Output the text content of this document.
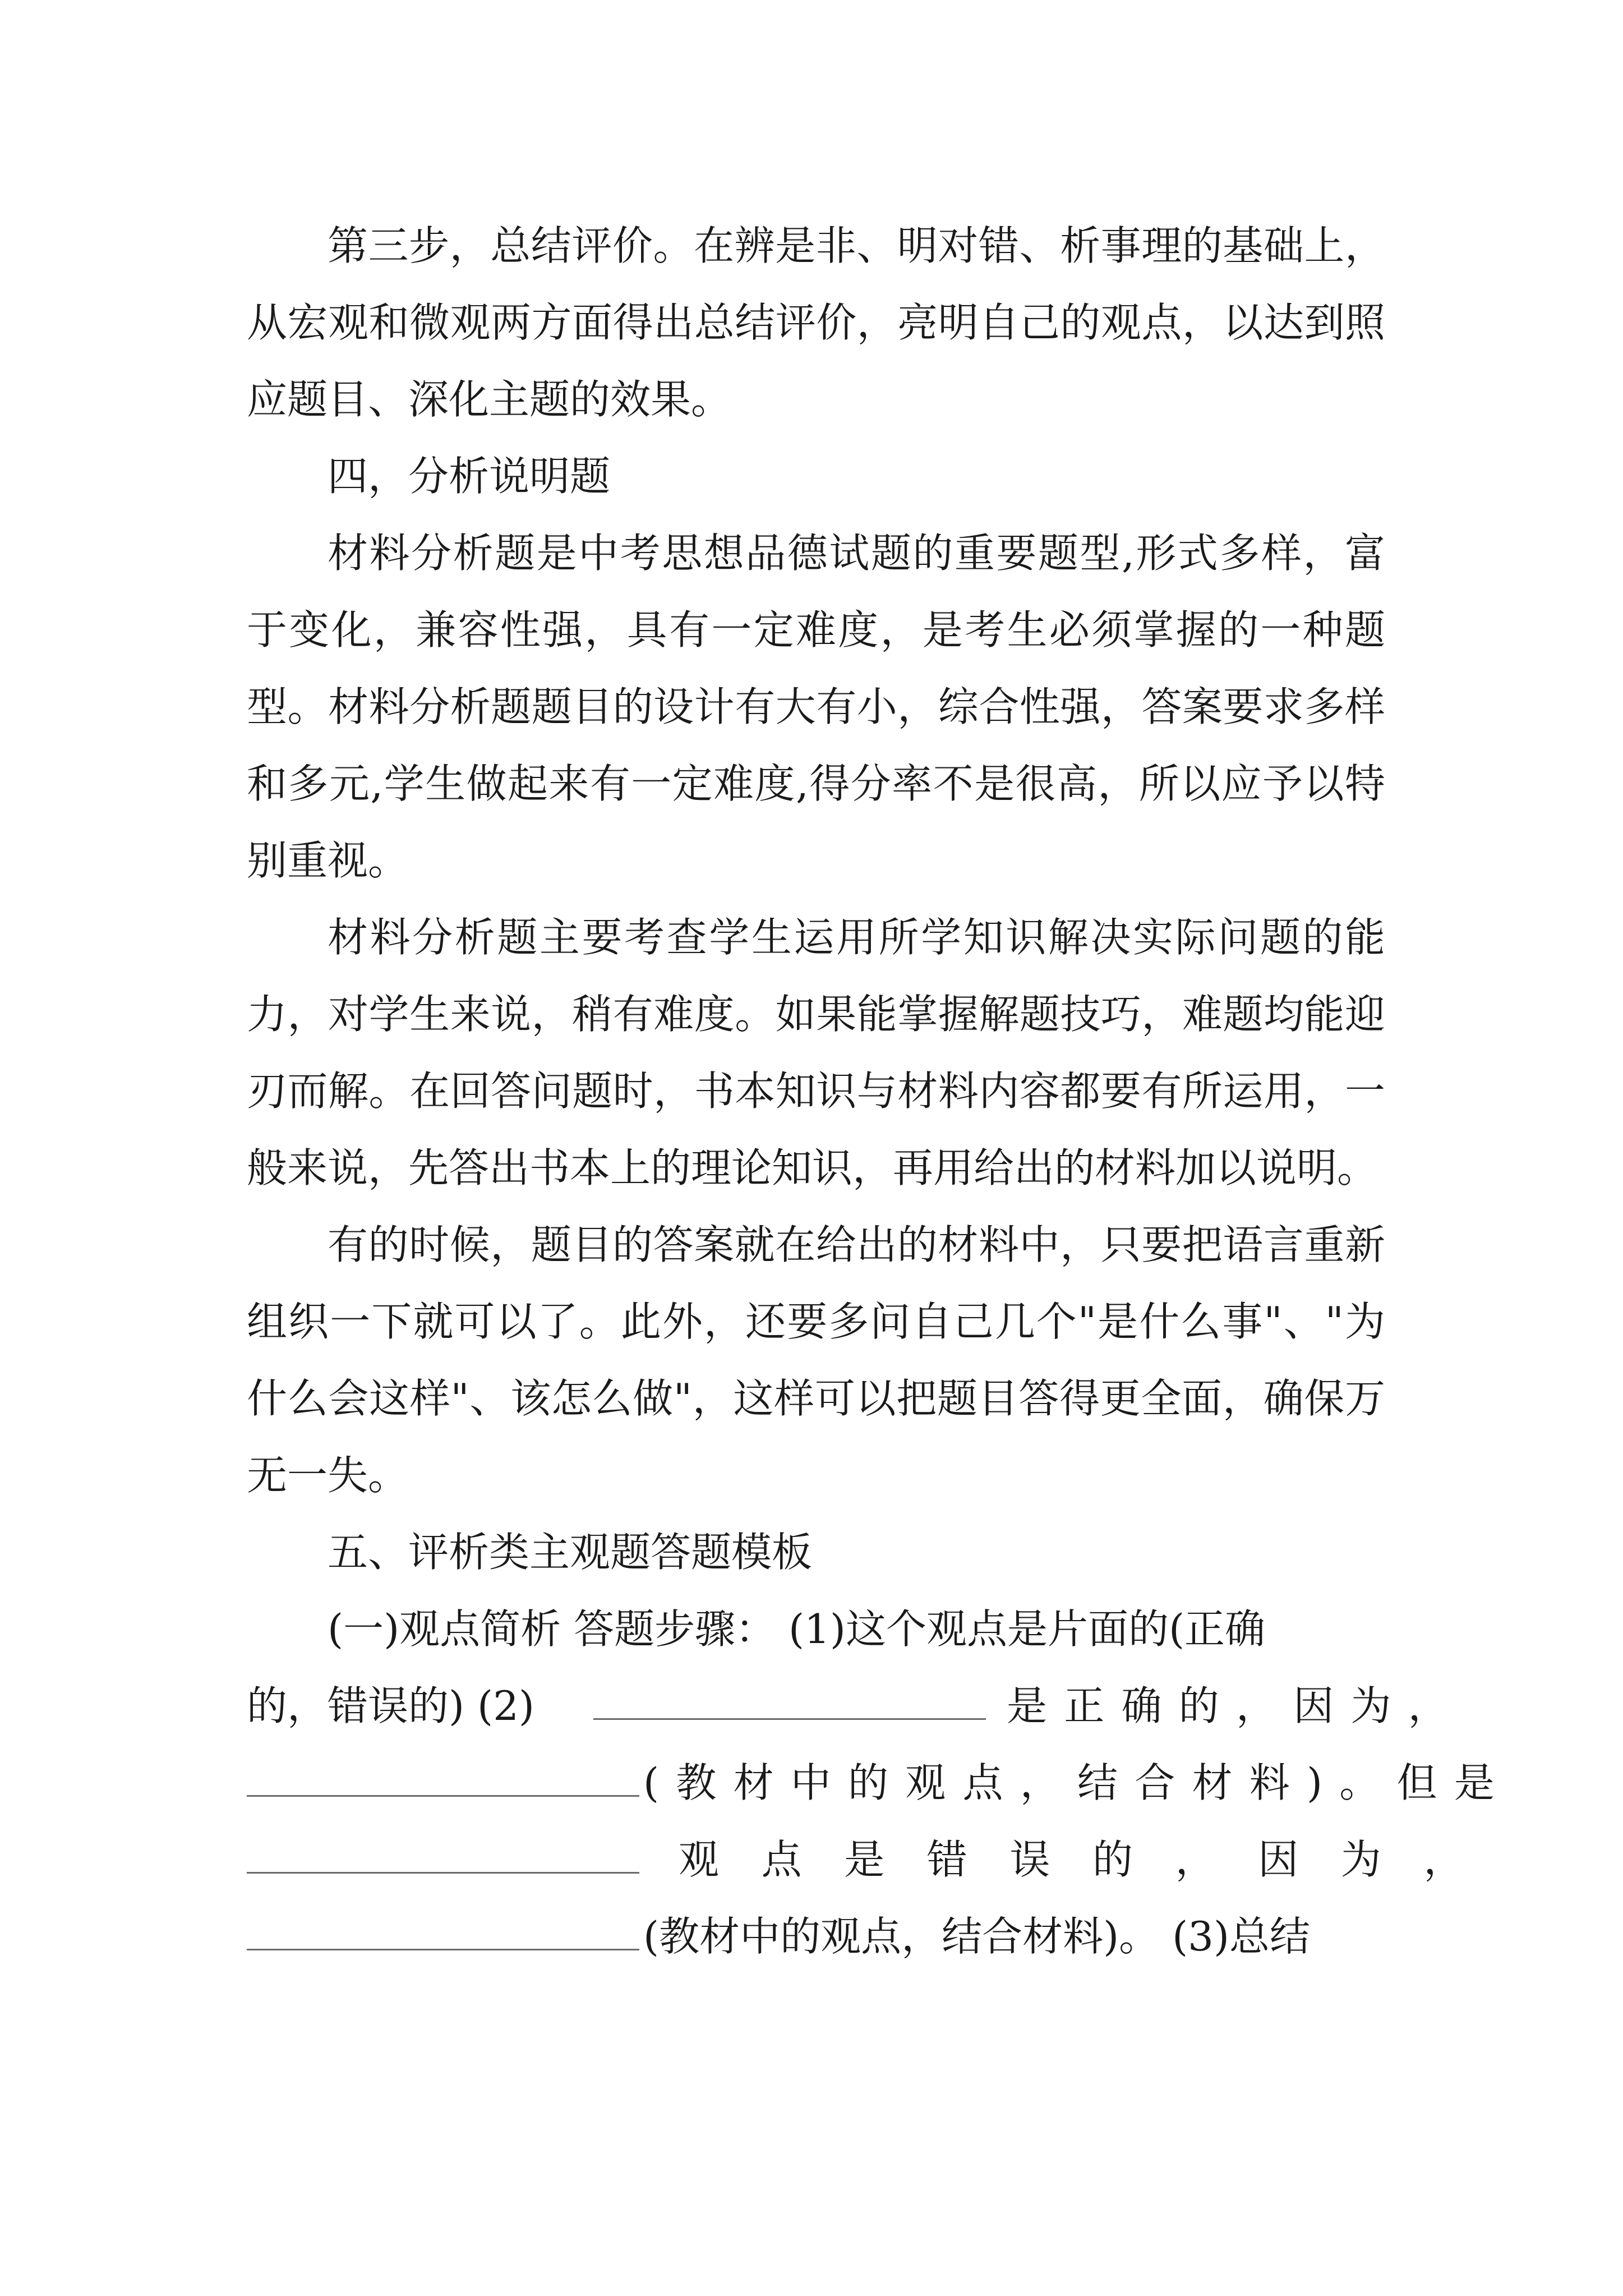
第三步，总结评价。在辨是非、明对错、析事理的基础上，从宏观和微观两方面得出总结评价，亮明自己的观点，以达到照应题目、深化主题的效果。

四，分析说明题

材料分析题是中考思想品德试题的重要题型,形式多样，富于变化，兼容性强，具有一定难度，是考生必须掌握的一种题型。材料分析题题目的设计有大有小，综合性强，答案要求多样和多元,学生做起来有一定难度,得分率不是很高，所以应予以特别重视。

材料分析题主要考查学生运用所学知识解决实际问题的能力，对学生来说，稍有难度。如果能掌握解题技巧，难题均能迎刃而解。在回答问题时，书本知识与材料内容都要有所运用，一般来说，先答出书本上的理论知识，再用给出的材料加以说明。

有的时候，题目的答案就在给出的材料中，只要把语言重新组织一下就可以了。此外，还要多问自己几个"是什么事"、"为什么会这样"、该怎么做"，这样可以把题目答得更全面，确保万无一失。

五、评析类主观题答题模板

(一)观点简析 答题步骤： (1)这个观点是片面的(正确

的，错误的) (2)	是正确的，因为，
(教材中的观点，结合材料)。但是
观点是错误的，因为，
(教材中的观点，结合材料)。 (3)总结
